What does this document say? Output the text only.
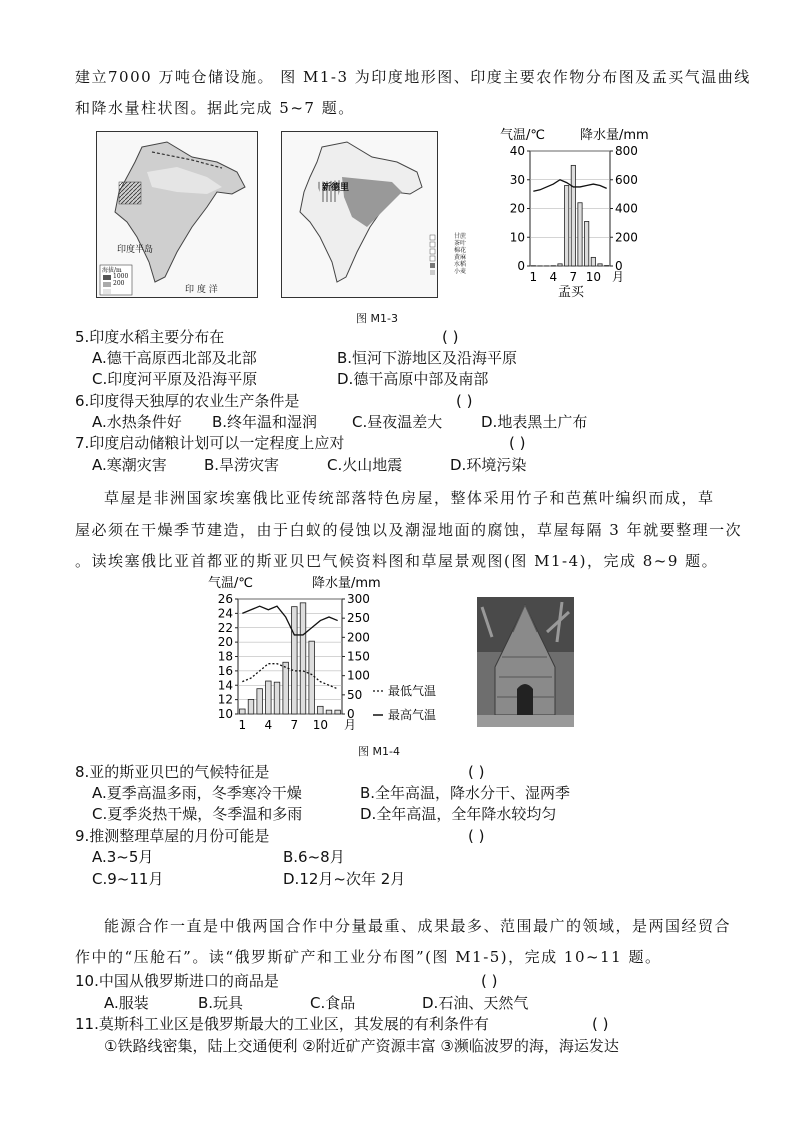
建立7000 万吨仓储设施。 图 M1-3 为印度地形图、印度主要农作物分布图及孟买气温曲线
和降水量柱状图。据此完成 5~7 题。
印度半岛
印 度 洋
海拔/m
1000
200
新德里
甘蔗
茶叶
棉花
黄麻
水稻
小麦
40
30
20
10
0
800
600
400
200
0
1 4 7 10 月
气温/℃	降水量/mm
孟买
图 M1-3
5.印度水稻主要分布在	( )
A.德干高原西北部及北部	B.恒河下游地区及沿海平原
C.印度河平原及沿海平原	D.德干高原中部及南部
6.印度得天独厚的农业生产条件是	( )
A.水热条件好 B.终年温和湿润 C.昼夜温差大	D.地表黑土广布
7.印度启动储粮计划可以一定程度上应对	( )
A.寒潮灾害 B.旱涝灾害	C.火山地震	D.环境污染
草屋是非洲国家埃塞俄比亚传统部落特色房屋，整体采用竹子和芭蕉叶编织而成，草
屋必须在干燥季节建造，由于白蚁的侵蚀以及潮湿地面的腐蚀，草屋每隔 3 年就要整理一次
。读埃塞俄比亚首都亚的斯亚贝巴气候资料图和草屋景观图(图 M1-4)，完成 8~9 题。
26
24
22
20
18
16
14
12
10
300
250
200
150
100
50
0
1 4 7 10 月
气温/℃	降水量/mm
最低气温
最高气温
图 M1-4
8.亚的斯亚贝巴的气候特征是	( )
A.夏季高温多雨，冬季寒冷干燥	B.全年高温，降水分干、湿两季
C.夏季炎热干燥，冬季温和多雨	D.全年高温，全年降水较均匀
9.推测整理草屋的月份可能是	( )
A.3~5月	B.6~8月
C.9~11月	D.12月~次年 2月
能源合作一直是中俄两国合作中分量最重、成果最多、范围最广的领域，是两国经贸合
作中的“压舱石”。读“俄罗斯矿产和工业分布图”(图 M1-5)，完成 10~11 题。
10.中国从俄罗斯进口的商品是	( )
A.服装	B.玩具	C.食品	D.石油、天然气
11.莫斯科工业区是俄罗斯最大的工业区，其发展的有利条件有	( )
①铁路线密集，陆上交通便利 ②附近矿产资源丰富 ③濒临波罗的海，海运发达
